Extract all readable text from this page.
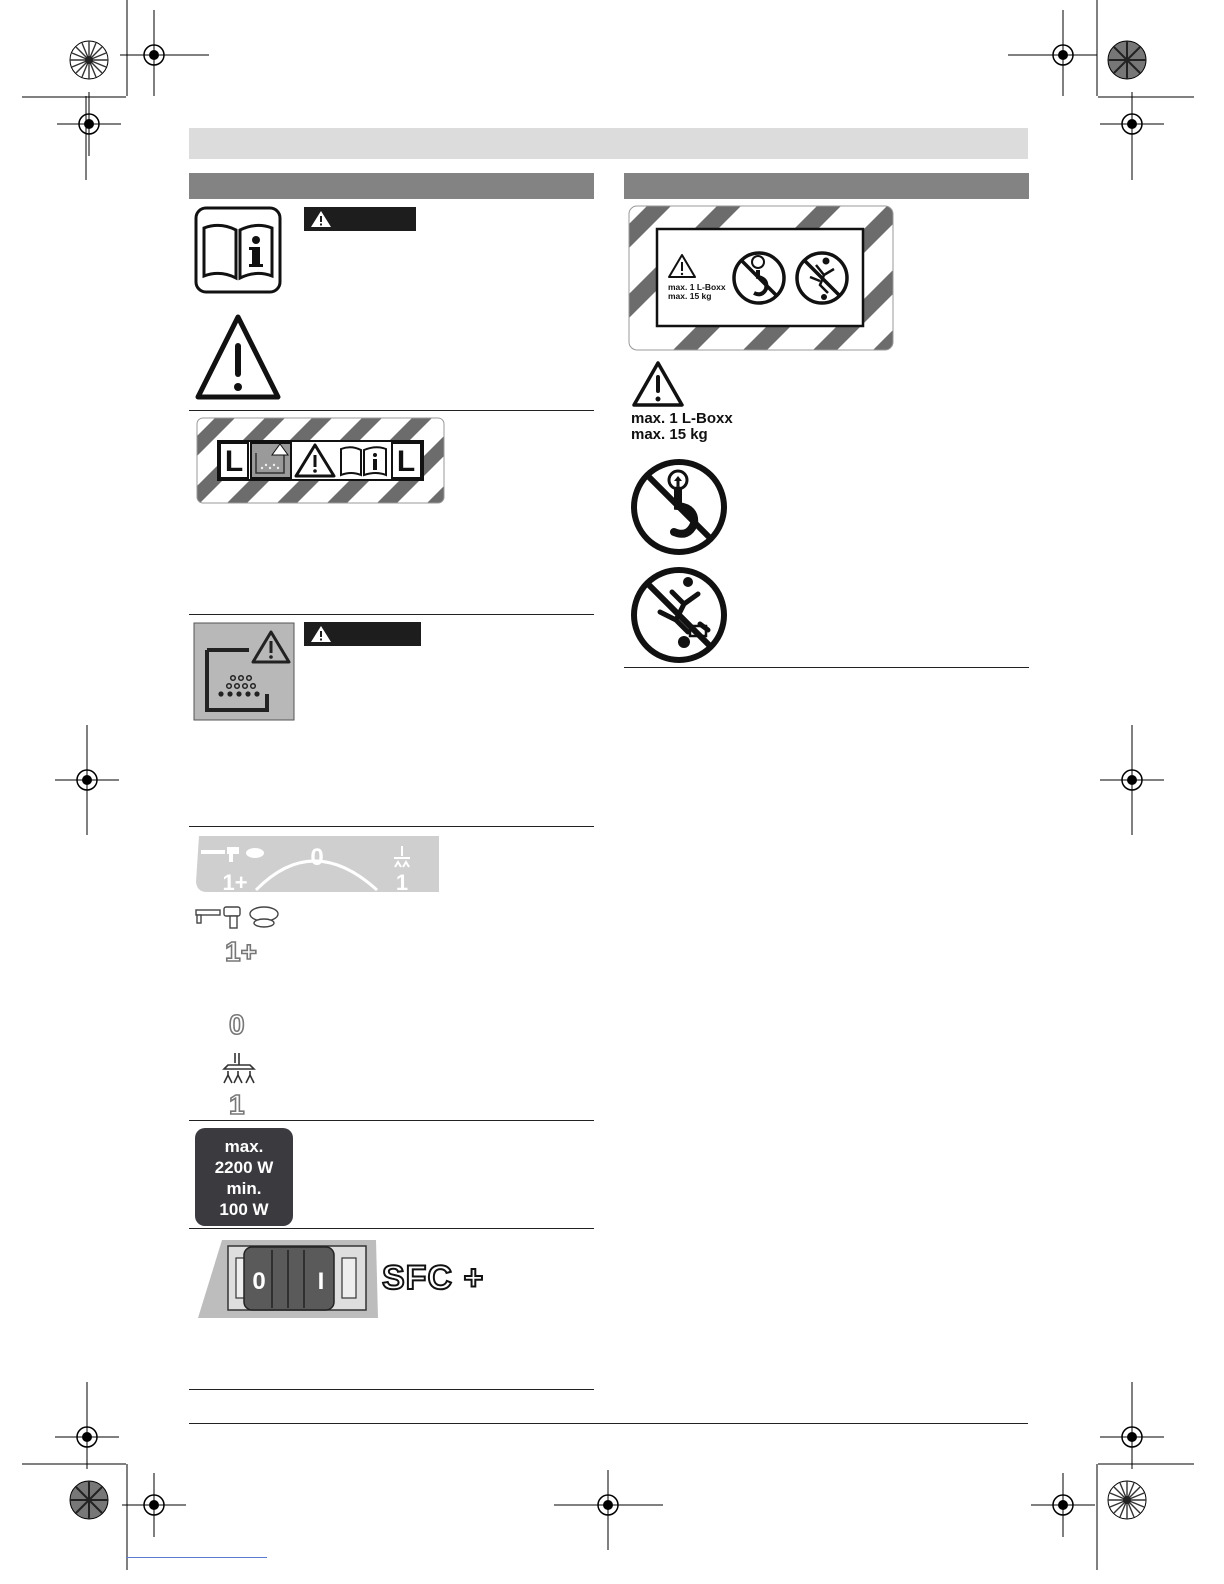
L	L
0
1+	1
1+
0
1
max.
2200 W
min.
100 W
0 I SFC +
max. 1 L-Boxx
max. 15 kg
max. 1 L-Boxx
max. 15 kg
